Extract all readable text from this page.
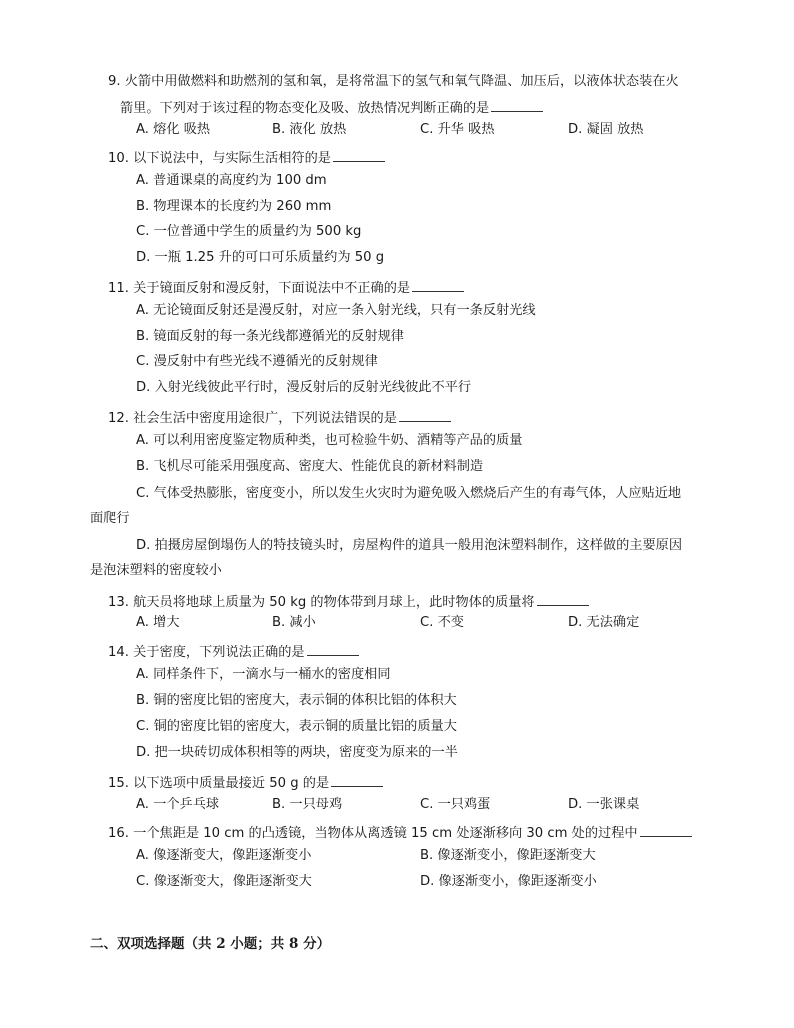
9. 火箭中用做燃料和助燃剂的氢和氧，是将常温下的氢气和氧气降温、加压后，以液体状态装在火
箭里。下列对于该过程的物态变化及吸、放热情况判断正确的是
A. 熔化 吸热	B. 液化 放热	C. 升华 吸热	D. 凝固 放热
10. 以下说法中，与实际生活相符的是
A. 普通课桌的高度约为 100 dm
B. 物理课本的长度约为 260 mm
C. 一位普通中学生的质量约为 500 kg
D. 一瓶 1.25 升的可口可乐质量约为 50 g
11. 关于镜面反射和漫反射，下面说法中不正确的是
A. 无论镜面反射还是漫反射，对应一条入射光线，只有一条反射光线
B. 镜面反射的每一条光线都遵循光的反射规律
C. 漫反射中有些光线不遵循光的反射规律
D. 入射光线彼此平行时，漫反射后的反射光线彼此不平行
12. 社会生活中密度用途很广，下列说法错误的是
A. 可以利用密度鉴定物质种类，也可检验牛奶、酒精等产品的质量
B. 飞机尽可能采用强度高、密度大、性能优良的新材料制造
C. 气体受热膨胀，密度变小，所以发生火灾时为避免吸入燃烧后产生的有毒气体，人应贴近地
面爬行
D. 拍摄房屋倒塌伤人的特技镜头时，房屋构件的道具一般用泡沫塑料制作，这样做的主要原因
是泡沫塑料的密度较小
13. 航天员将地球上质量为 50 kg 的物体带到月球上，此时物体的质量将
A. 增大	B. 减小	C. 不变	D. 无法确定
14. 关于密度，下列说法正确的是
A. 同样条件下，一滴水与一桶水的密度相同
B. 铜的密度比铝的密度大，表示铜的体积比铝的体积大
C. 铜的密度比铝的密度大，表示铜的质量比铝的质量大
D. 把一块砖切成体积相等的两块，密度变为原来的一半
15. 以下选项中质量最接近 50 g 的是
A. 一个乒乓球	B. 一只母鸡	C. 一只鸡蛋	D. 一张课桌
16. 一个焦距是 10 cm 的凸透镜，当物体从离透镜 15 cm 处逐渐移向 30 cm 处的过程中
A. 像逐渐变大，像距逐渐变小	B. 像逐渐变小，像距逐渐变大
C. 像逐渐变大，像距逐渐变大	D. 像逐渐变小，像距逐渐变小
二、双项选择题（共 2 小题；共 8 分）
